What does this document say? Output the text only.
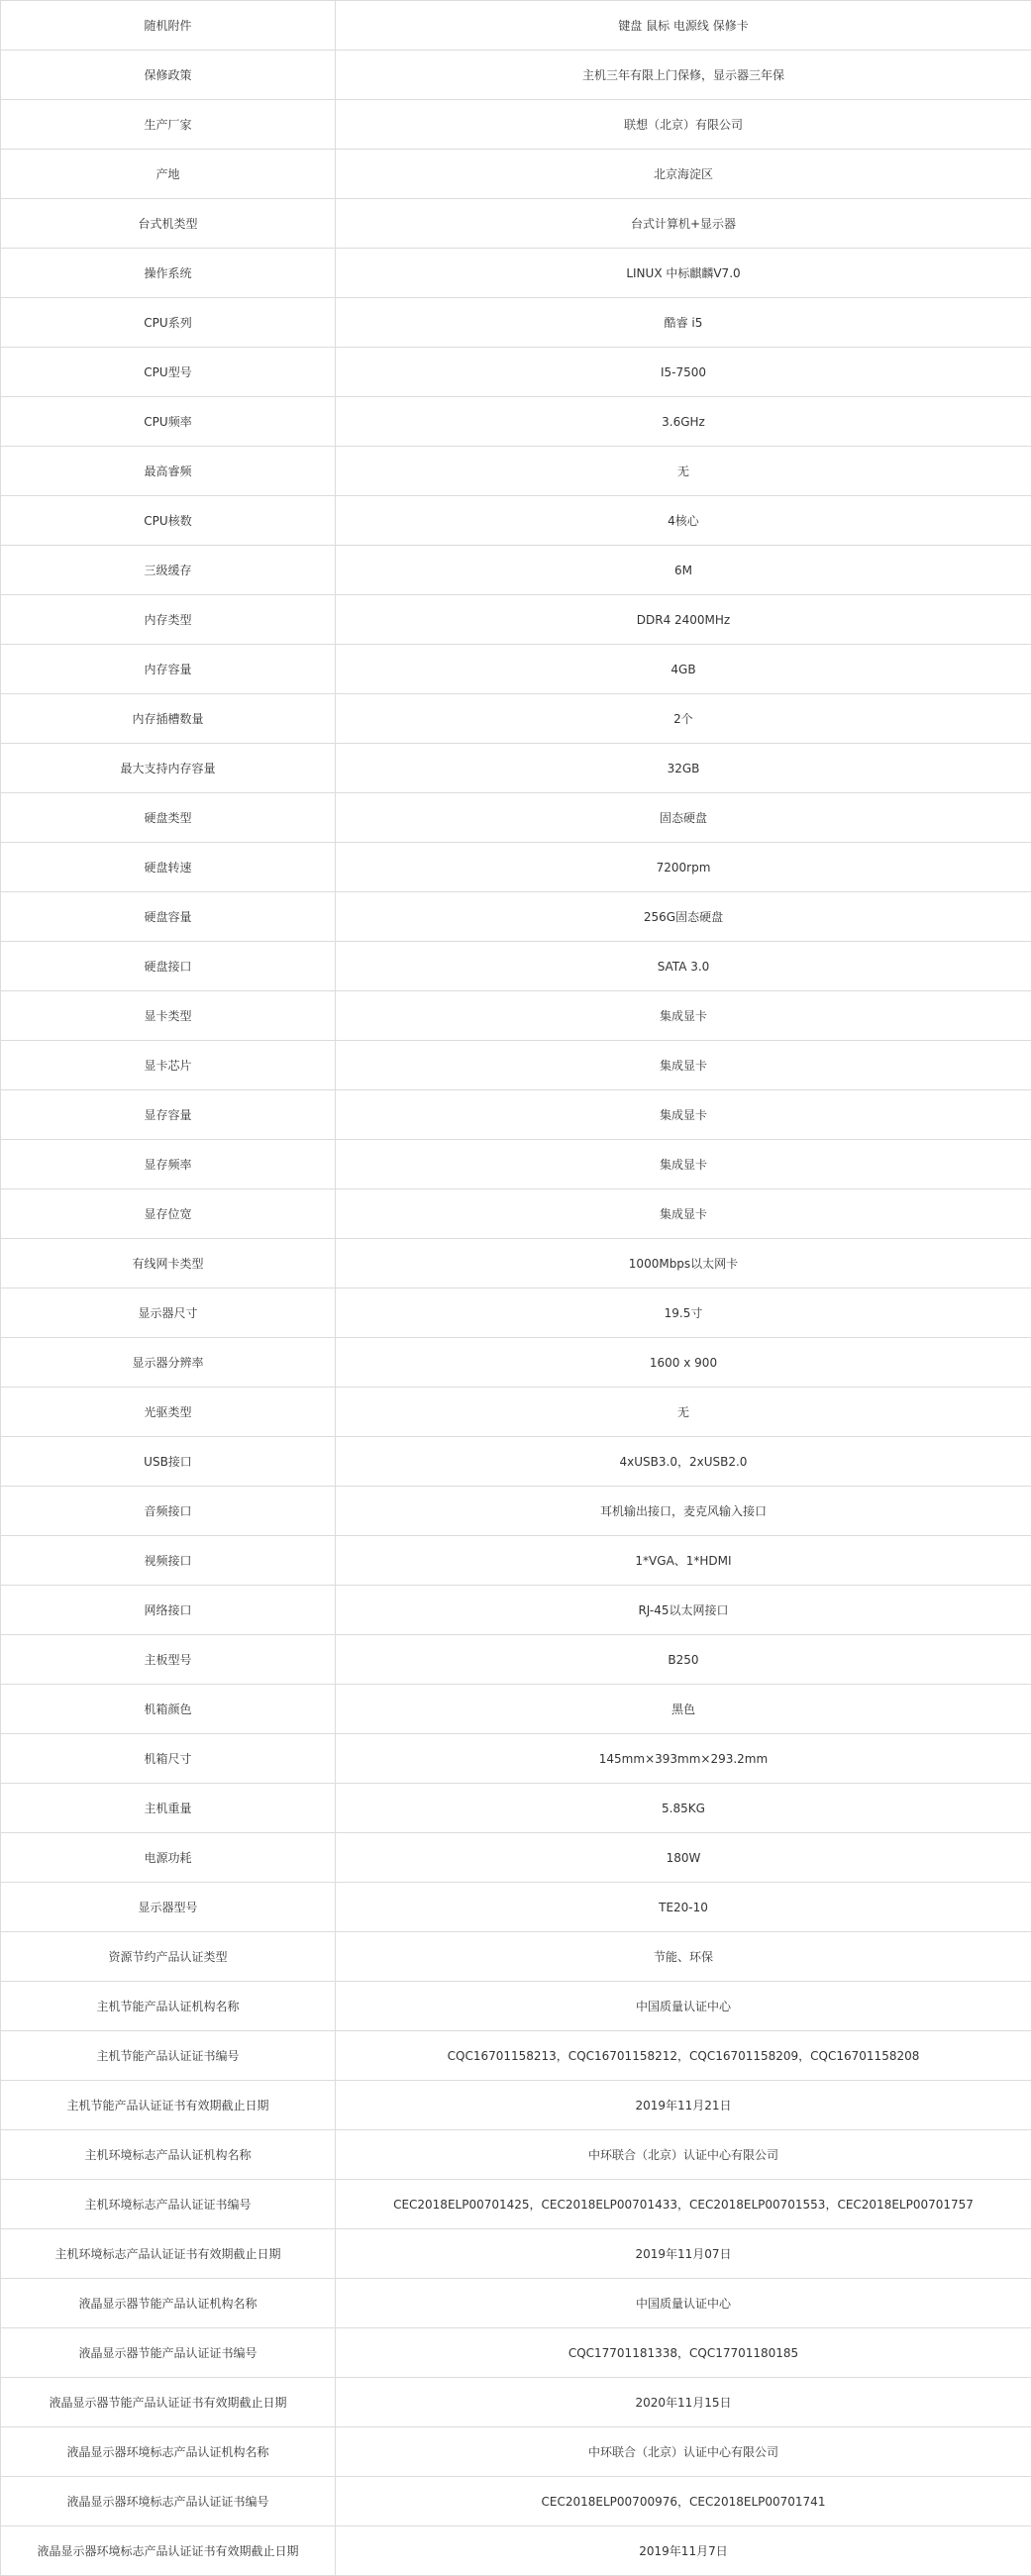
随机附件	键盘 鼠标 电源线 保修卡
保修政策	主机三年有限上门保修，显示器三年保
生产厂家	联想（北京）有限公司
产地	北京海淀区
台式机类型	台式计算机+显示器
操作系统	LINUX 中标麒麟V7.0
CPU系列	酷睿 i5
CPU型号	I5-7500
CPU频率	3.6GHz
最高睿频	无
CPU核数	4核心
三级缓存	6M
内存类型	DDR4 2400MHz
内存容量	4GB
内存插槽数量	2个
最大支持内存容量	32GB
硬盘类型	固态硬盘
硬盘转速	7200rpm
硬盘容量	256G固态硬盘
硬盘接口	SATA 3.0
显卡类型	集成显卡
显卡芯片	集成显卡
显存容量	集成显卡
显存频率	集成显卡
显存位宽	集成显卡
有线网卡类型	1000Mbps以太网卡
显示器尺寸	19.5寸
显示器分辨率	1600 x 900
光驱类型	无
USB接口	4xUSB3.0，2xUSB2.0
音频接口	耳机输出接口，麦克风输入接口
视频接口	1*VGA、1*HDMI
网络接口	RJ-45以太网接口
主板型号	B250
机箱颜色	黑色
机箱尺寸	145mm×393mm×293.2mm
主机重量	5.85KG
电源功耗	180W
显示器型号	TE20-10
资源节约产品认证类型	节能、环保
主机节能产品认证机构名称	中国质量认证中心
主机节能产品认证证书编号	CQC16701158213，CQC16701158212，CQC16701158209，CQC16701158208
主机节能产品认证证书有效期截止日期	2019年11月21日
主机环境标志产品认证机构名称	中环联合（北京）认证中心有限公司
主机环境标志产品认证证书编号	CEC2018ELP00701425，CEC2018ELP00701433，CEC2018ELP00701553，CEC2018ELP00701757
主机环境标志产品认证证书有效期截止日期	2019年11月07日
液晶显示器节能产品认证机构名称	中国质量认证中心
液晶显示器节能产品认证证书编号	CQC17701181338，CQC17701180185
液晶显示器节能产品认证证书有效期截止日期	2020年11月15日
液晶显示器环境标志产品认证机构名称	中环联合（北京）认证中心有限公司
液晶显示器环境标志产品认证证书编号	CEC2018ELP00700976，CEC2018ELP00701741
液晶显示器环境标志产品认证证书有效期截止日期	2019年11月7日
